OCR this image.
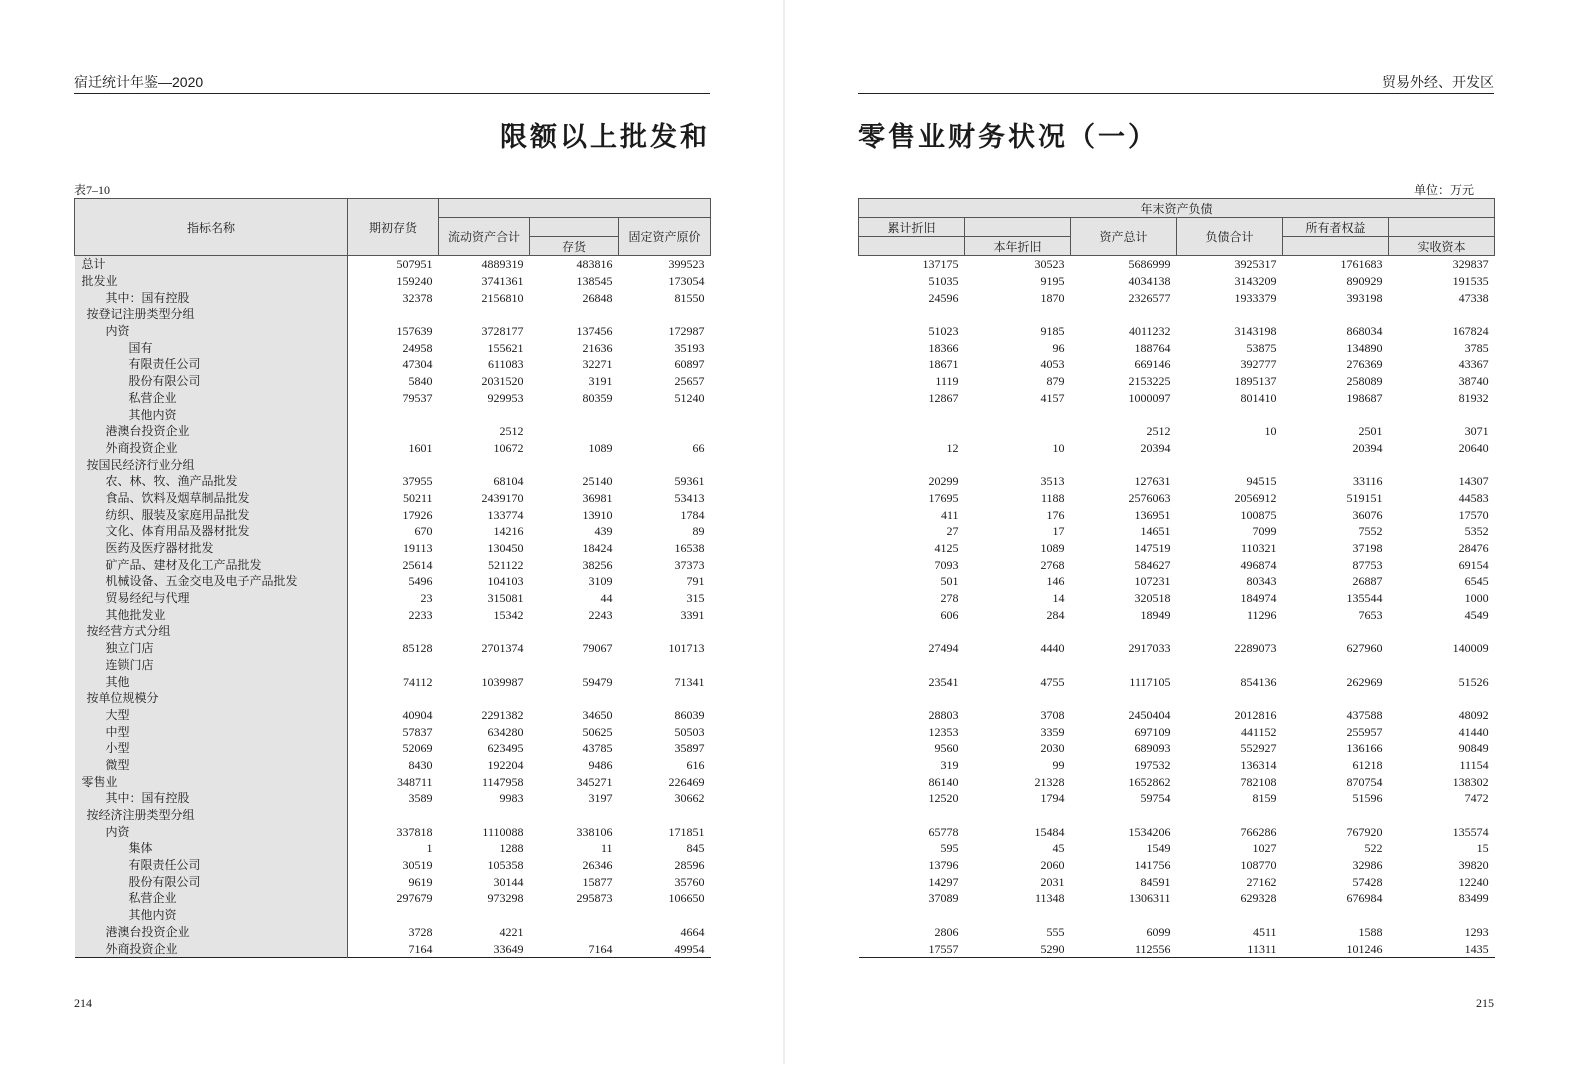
宿迁统计年鉴—2020
限额以上批发和
表7–10
指标名称	期初存货			
		流动资产合计		固定资产原价
			存货	
总计	507951	4889319	483816	399523
批发业	159240	3741361	138545	173054
其中：国有控股	32378	2156810	26848	81550
按登记注册类型分组				
内资	157639	3728177	137456	172987
国有	24958	155621	21636	35193
有限责任公司	47304	611083	32271	60897
股份有限公司	5840	2031520	3191	25657
私营企业	79537	929953	80359	51240
其他内资				
港澳台投资企业		2512		
外商投资企业	1601	10672	1089	66
按国民经济行业分组				
农、林、牧、渔产品批发	37955	68104	25140	59361
食品、饮料及烟草制品批发	50211	2439170	36981	53413
纺织、服装及家庭用品批发	17926	133774	13910	1784
文化、体育用品及器材批发	670	14216	439	89
医药及医疗器材批发	19113	130450	18424	16538
矿产品、建材及化工产品批发	25614	521122	38256	37373
机械设备、五金交电及电子产品批发	5496	104103	3109	791
贸易经纪与代理	23	315081	44	315
其他批发业	2233	15342	2243	3391
按经营方式分组				
独立门店	85128	2701374	79067	101713
连锁门店				
其他	74112	1039987	59479	71341
按单位规模分				
大型	40904	2291382	34650	86039
中型	57837	634280	50625	50503
小型	52069	623495	43785	35897
微型	8430	192204	9486	616
零售业	348711	1147958	345271	226469
其中：国有控股	3589	9983	3197	30662
按经济注册类型分组				
内资	337818	1110088	338106	171851
集体	1	1288	11	845
有限责任公司	30519	105358	26346	28596
股份有限公司	9619	30144	15877	35760
私营企业	297679	973298	295873	106650
其他内资				
港澳台投资企业	3728	4221		4664
外商投资企业	7164	33649	7164	49954
214
贸易外经、开发区
零售业财务状况（一）
单位：万元
年末资产负债					
累计折旧		资产总计	负债合计	所有者权益	
	本年折旧				实收资本
137175	30523	5686999	3925317	1761683	329837
51035	9195	4034138	3143209	890929	191535
24596	1870	2326577	1933379	393198	47338

51023	9185	4011232	3143198	868034	167824
18366	96	188764	53875	134890	3785
18671	4053	669146	392777	276369	43367
1119	879	2153225	1895137	258089	38740
12867	4157	1000097	801410	198687	81932

		2512	10	2501	3071
12	10	20394		20394	20640

20299	3513	127631	94515	33116	14307
17695	1188	2576063	2056912	519151	44583
411	176	136951	100875	36076	17570
27	17	14651	7099	7552	5352
4125	1089	147519	110321	37198	28476
7093	2768	584627	496874	87753	69154
501	146	107231	80343	26887	6545
278	14	320518	184974	135544	1000
606	284	18949	11296	7653	4549

27494	4440	2917033	2289073	627960	140009

23541	4755	1117105	854136	262969	51526

28803	3708	2450404	2012816	437588	48092
12353	3359	697109	441152	255957	41440
9560	2030	689093	552927	136166	90849
319	99	197532	136314	61218	11154
86140	21328	1652862	782108	870754	138302
12520	1794	59754	8159	51596	7472

65778	15484	1534206	766286	767920	135574
595	45	1549	1027	522	15
13796	2060	141756	108770	32986	39820
14297	2031	84591	27162	57428	12240
37089	11348	1306311	629328	676984	83499

2806	555	6099	4511	1588	1293
17557	5290	112556	11311	101246	1435
215
